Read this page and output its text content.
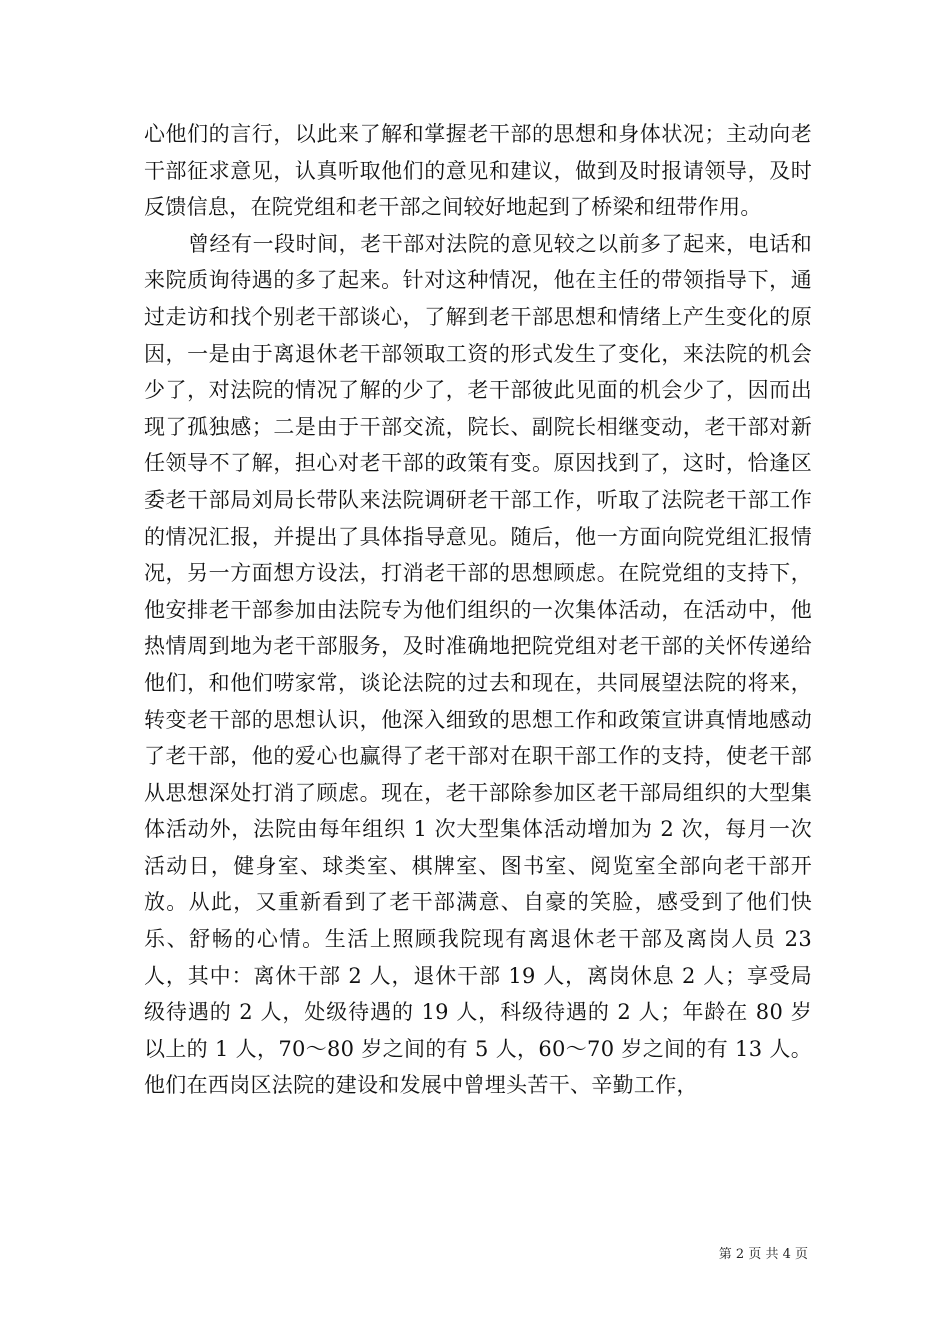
心他们的言行，以此来了解和掌握老干部的思想和身体状况；主动向老干部征求意见，认真听取他们的意见和建议，做到及时报请领导，及时反馈信息，在院党组和老干部之间较好地起到了桥梁和纽带作用。

曾经有一段时间，老干部对法院的意见较之以前多了起来，电话和来院质询待遇的多了起来。针对这种情况，他在主任的带领指导下，通过走访和找个别老干部谈心，了解到老干部思想和情绪上产生变化的原因，一是由于离退休老干部领取工资的形式发生了变化，来法院的机会少了，对法院的情况了解的少了，老干部彼此见面的机会少了，因而出现了孤独感；二是由于干部交流，院长、副院长相继变动，老干部对新任领导不了解，担心对老干部的政策有变。原因找到了，这时，恰逢区委老干部局刘局长带队来法院调研老干部工作，听取了法院老干部工作的情况汇报，并提出了具体指导意见。随后，他一方面向院党组汇报情况，另一方面想方设法，打消老干部的思想顾虑。在院党组的支持下，他安排老干部参加由法院专为他们组织的一次集体活动，在活动中，他热情周到地为老干部服务，及时准确地把院党组对老干部的关怀传递给他们，和他们唠家常，谈论法院的过去和现在，共同展望法院的将来，转变老干部的思想认识，他深入细致的思想工作和政策宣讲真情地感动了老干部，他的爱心也赢得了老干部对在职干部工作的支持，使老干部从思想深处打消了顾虑。现在，老干部除参加区老干部局组织的大型集体活动外，法院由每年组织 1 次大型集体活动增加为 2 次，每月一次活动日，健身室、球类室、棋牌室、图书室、阅览室全部向老干部开放。从此，又重新看到了老干部满意、自豪的笑脸，感受到了他们快乐、舒畅的心情。生活上照顾我院现有离退休老干部及离岗人员 23 人，其中：离休干部 2 人，退休干部 19 人，离岗休息 2 人；享受局级待遇的 2 人，处级待遇的 19 人，科级待遇的 2 人；年龄在 80 岁以上的 1 人，70～80 岁之间的有 5 人，60～70 岁之间的有 13 人。他们在西岗区法院的建设和发展中曾埋头苦干、辛勤工作，

第 2 页 共 4 页
